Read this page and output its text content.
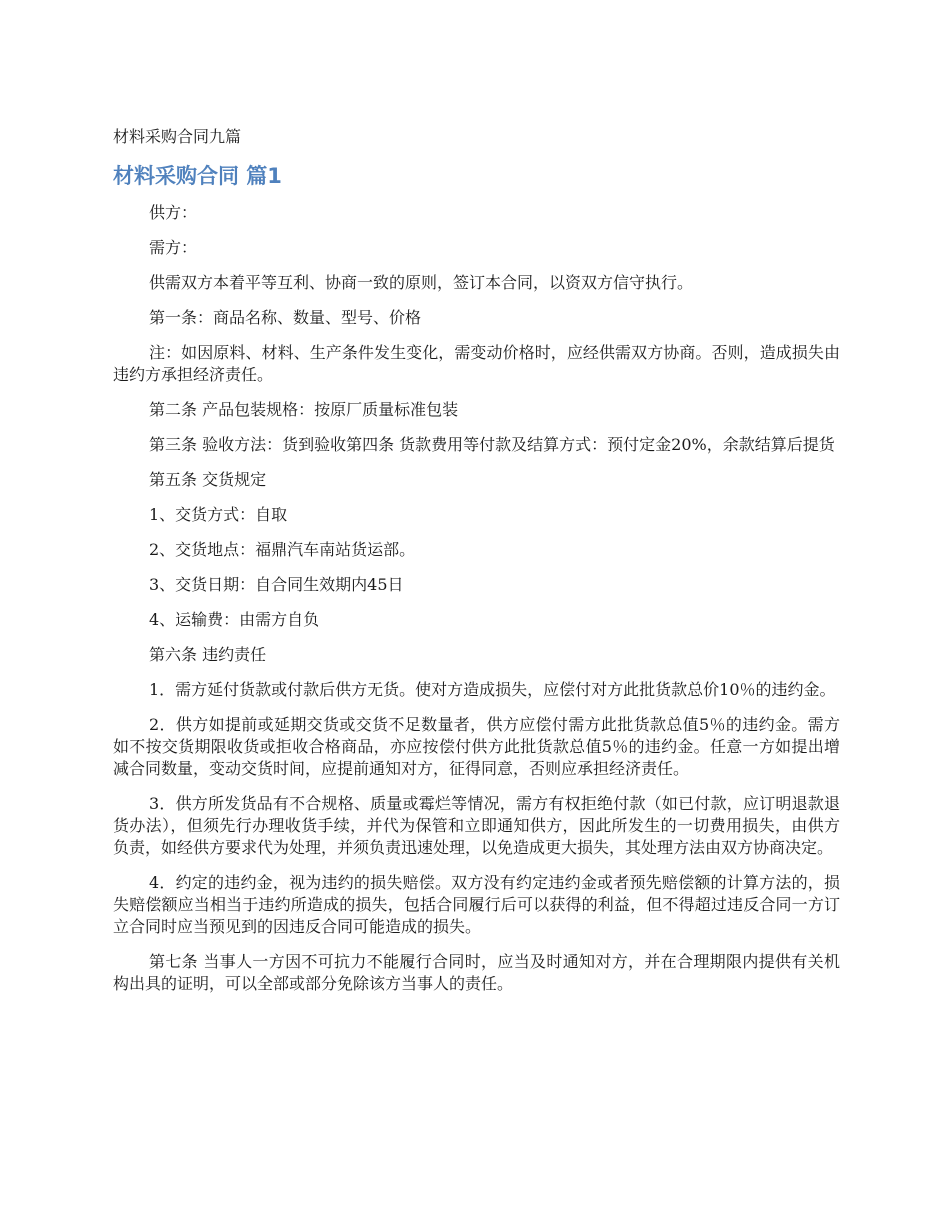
材料采购合同九篇
材料采购合同 篇1

供方：

需方：

供需双方本着平等互利、协商一致的原则，签订本合同，以资双方信守执行。

第一条：商品名称、数量、型号、价格

注：如因原料、材料、生产条件发生变化，需变动价格时，应经供需双方协商。否则，造成损失由违约方承担经济责任。

第二条 产品包装规格：按原厂质量标准包装

第三条 验收方法：货到验收第四条 货款费用等付款及结算方式：预付定金20%，余款结算后提货

第五条 交货规定

1、交货方式：自取

2、交货地点：福鼎汽车南站货运部。

3、交货日期：自合同生效期内45日

4、运输费：由需方自负

第六条 违约责任

1．需方延付货款或付款后供方无货。使对方造成损失，应偿付对方此批货款总价10％的违约金。

2．供方如提前或延期交货或交货不足数量者，供方应偿付需方此批货款总值5％的违约金。需方如不按交货期限收货或拒收合格商品，亦应按偿付供方此批货款总值5％的违约金。任意一方如提出增减合同数量，变动交货时间，应提前通知对方，征得同意，否则应承担经济责任。

3．供方所发货品有不合规格、质量或霉烂等情况，需方有权拒绝付款（如已付款，应订明退款退货办法），但须先行办理收货手续，并代为保管和立即通知供方，因此所发生的一切费用损失，由供方负责，如经供方要求代为处理，并须负责迅速处理，以免造成更大损失，其处理方法由双方协商决定。

4．约定的违约金，视为违约的损失赔偿。双方没有约定违约金或者预先赔偿额的计算方法的，损失赔偿额应当相当于违约所造成的损失，包括合同履行后可以获得的利益，但不得超过违反合同一方订立合同时应当预见到的因违反合同可能造成的损失。

第七条 当事人一方因不可抗力不能履行合同时，应当及时通知对方，并在合理期限内提供有关机构出具的证明，可以全部或部分免除该方当事人的责任。
